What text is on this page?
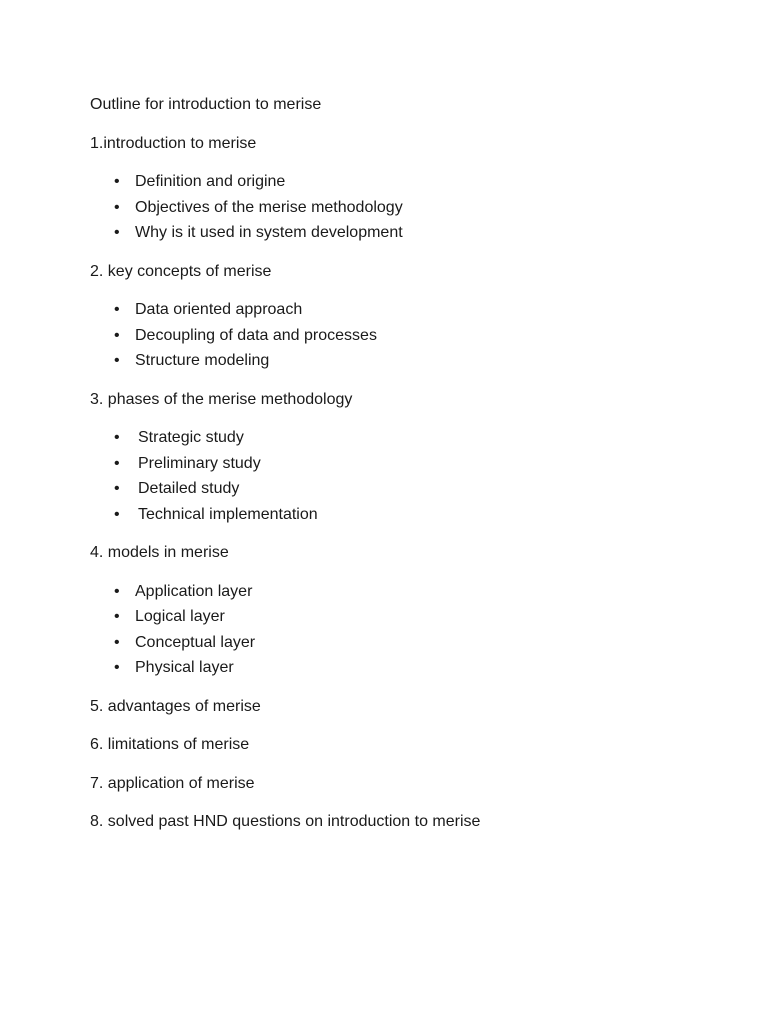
Outline for introduction to merise

1.introduction to merise

• Definition and origine
• Objectives of the merise methodology
• Why is it used in system development

2. key concepts of merise

• Data oriented approach
• Decoupling of data and processes
• Structure modeling

3. phases of the merise methodology

• Strategic study
• Preliminary study
• Detailed study
• Technical implementation

4. models in merise

• Application layer
• Logical layer
• Conceptual layer
• Physical layer

5. advantages of merise

6. limitations of merise

7. application of merise

8. solved past HND questions on introduction to merise
